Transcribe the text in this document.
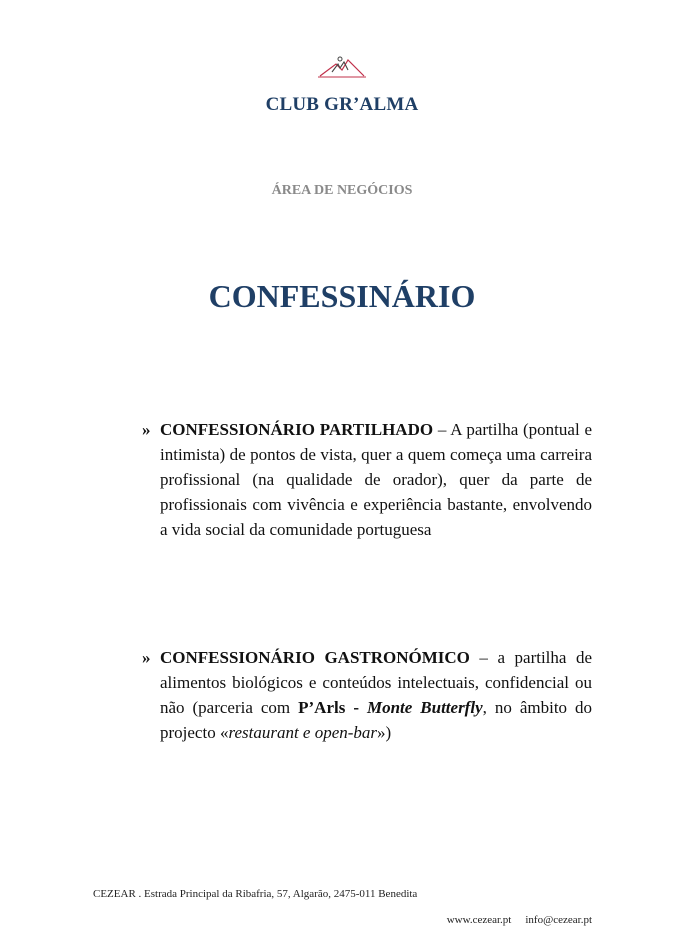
CLUB GR’ALMA
ÁREA DE NEGÓCIOS
CONFESSINÁRIO
» CONFESSIONÁRIO PARTILHADO – A partilha (pontual e intimista) de pontos de vista, quer a quem começa uma carreira profissional (na qualidade de orador), quer da parte de profissionais com vivência e experiência bastante, envolvendo a vida social da comunidade portuguesa
» CONFESSIONÁRIO GASTRONÓMICO – a partilha de alimentos biológicos e conteúdos intelectuais, confidencial ou não (parceria com P’Arls - Monte Butterfly, no âmbito do projecto «restaurant e open-bar»)
CEZEAR . Estrada Principal da Ribafria, 57, Algarão, 2475-011 Benedita
www.cezear.pt info@cezear.pt
